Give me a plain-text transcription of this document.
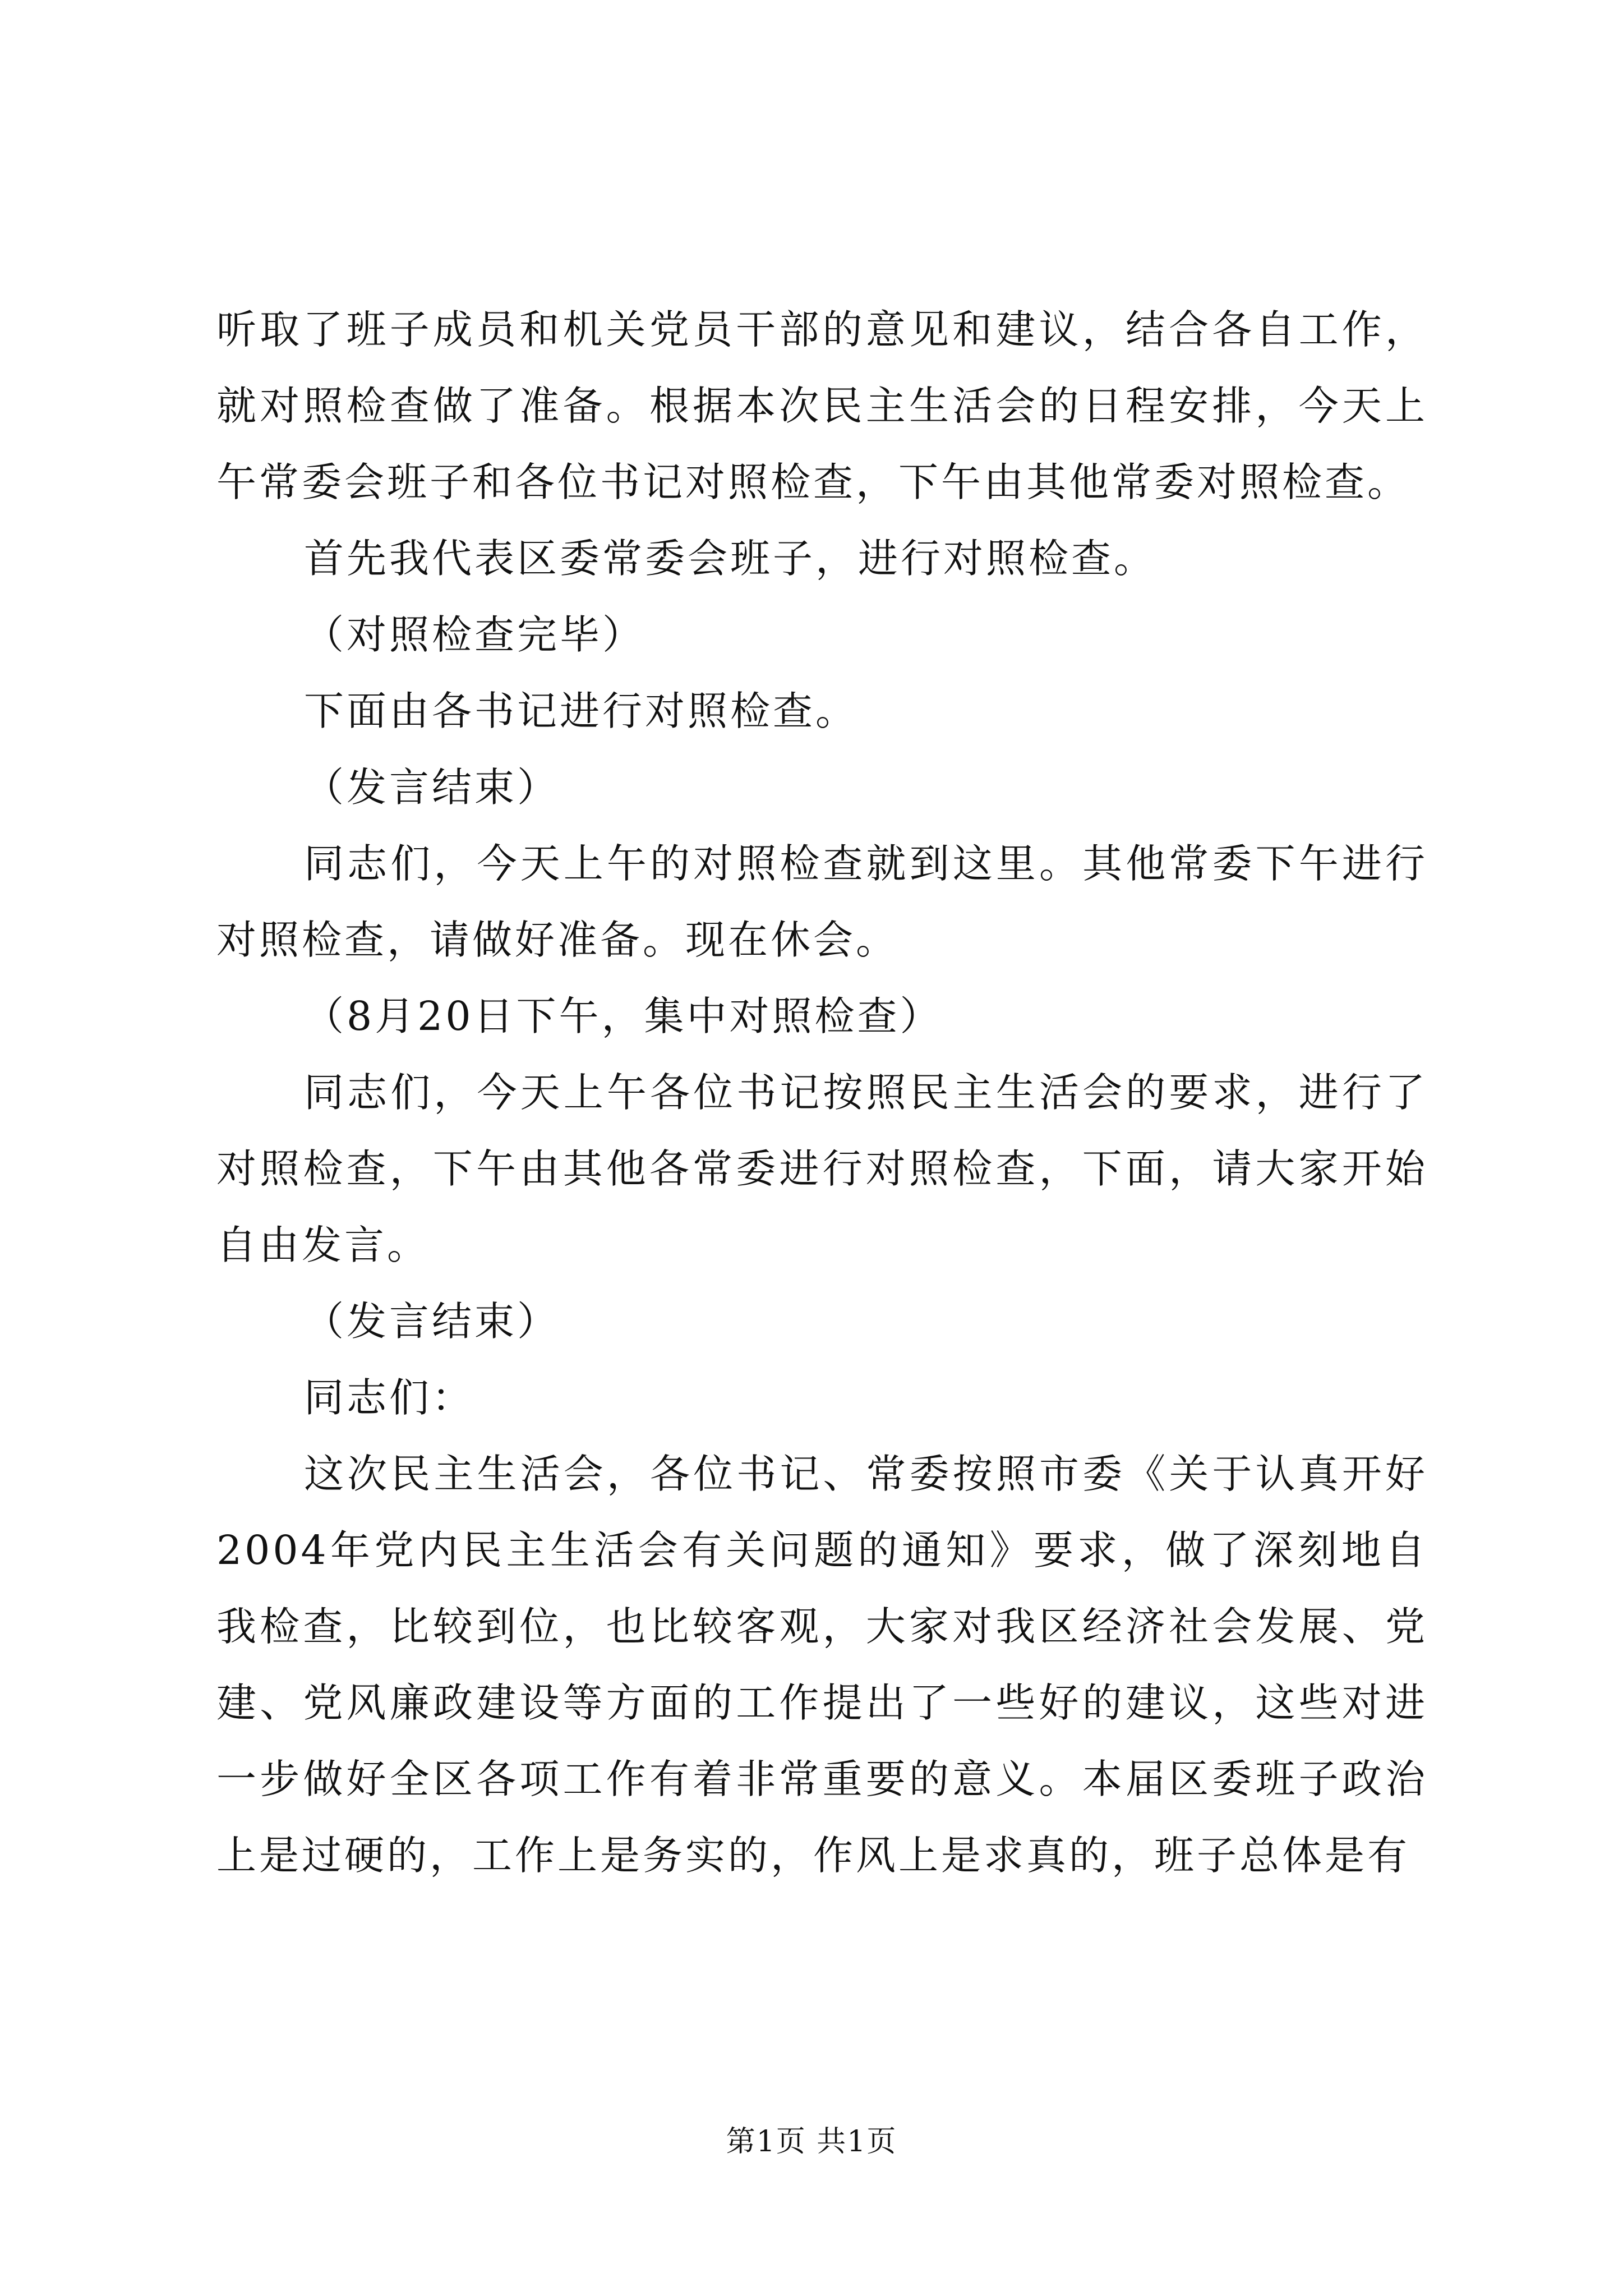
听取了班子成员和机关党员干部的意见和建议，结合各自工作，就对照检查做了准备。根据本次民主生活会的日程安排，今天上午常委会班子和各位书记对照检查，下午由其他常委对照检查。

首先我代表区委常委会班子，进行对照检查。

（对照检查完毕）

下面由各书记进行对照检查。

（发言结束）

同志们，今天上午的对照检查就到这里。其他常委下午进行对照检查，请做好准备。现在休会。

（8月20日下午，集中对照检查）

同志们，今天上午各位书记按照民主生活会的要求，进行了对照检查，下午由其他各常委进行对照检查，下面，请大家开始自由发言。

（发言结束）

同志们：

这次民主生活会，各位书记、常委按照市委《关于认真开好2004年党内民主生活会有关问题的通知》要求，做了深刻地自我检查，比较到位，也比较客观，大家对我区经济社会发展、党建、党风廉政建设等方面的工作提出了一些好的建议，这些对进一步做好全区各项工作有着非常重要的意义。本届区委班子政治上是过硬的，工作上是务实的，作风上是求真的，班子总体是有

第1页 共1页
